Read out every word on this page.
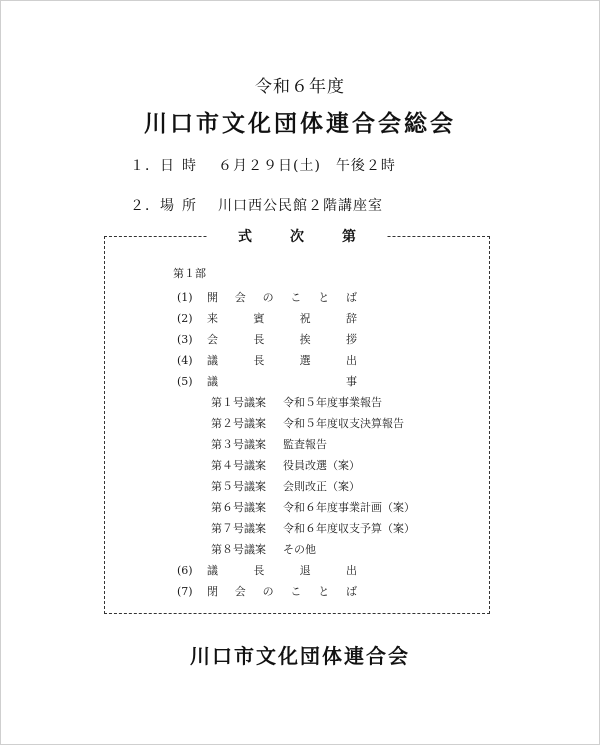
令和６年度
川口市文化団体連合会総会
１．日 時 ６月２９日(土)　午後２時
２．場 所 川口西公民館２階講座室
式	次	第
第１部
(1) 開 会 の こ と ば
(2) 来	賓	祝	辞
(3) 会	長	挨	拶
(4) 議	長	選	出
(5) 議	事
第１号議案 令和５年度事業報告
第２号議案 令和５年度収支決算報告
第３号議案 監査報告
第４号議案 役員改選（案）
第５号議案 会則改正（案）
第６号議案 令和６年度事業計画（案）
第７号議案 令和６年度収支予算（案）
第８号議案 その他
(6) 議	長	退	出
(7) 閉 会 の こ と ば
川口市文化団体連合会
